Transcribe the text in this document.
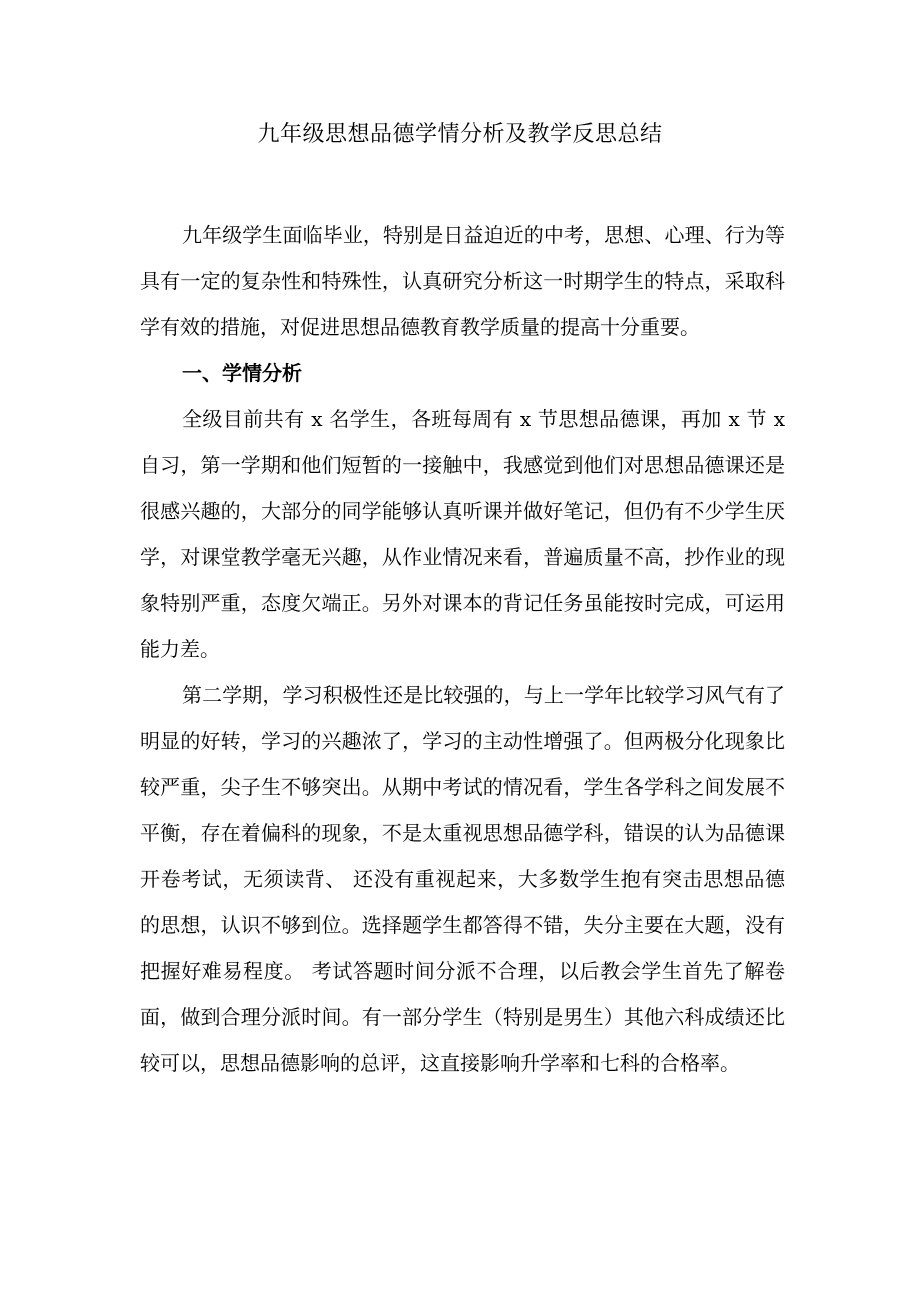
九年级思想品德学情分析及教学反思总结

九年级学生面临毕业，特别是日益迫近的中考，思想、心理、行为等具有一定的复杂性和特殊性，认真研究分析这一时期学生的特点，采取科学有效的措施，对促进思想品德教育教学质量的提高十分重要。

一、学情分析

全级目前共有 x 名学生，各班每周有 x 节思想品德课，再加 x 节 x 自习，第一学期和他们短暂的一接触中，我感觉到他们对思想品德课还是很感兴趣的，大部分的同学能够认真听课并做好笔记，但仍有不少学生厌学，对课堂教学毫无兴趣，从作业情况来看，普遍质量不高，抄作业的现象特别严重，态度欠端正。另外对课本的背记任务虽能按时完成，可运用能力差。

第二学期，学习积极性还是比较强的，与上一学年比较学习风气有了明显的好转，学习的兴趣浓了，学习的主动性增强了。但两极分化现象比较严重，尖子生不够突出。从期中考试的情况看，学生各学科之间发展不平衡，存在着偏科的现象，不是太重视思想品德学科，错误的认为品德课开卷考试，无须读背、 还没有重视起来，大多数学生抱有突击思想品德的思想，认识不够到位。选择题学生都答得不错，失分主要在大题，没有把握好难易程度。 考试答题时间分派不合理，以后教会学生首先了解卷面，做到合理分派时间。有一部分学生（特别是男生）其他六科成绩还比较可以，思想品德影响的总评，这直接影响升学率和七科的合格率。
